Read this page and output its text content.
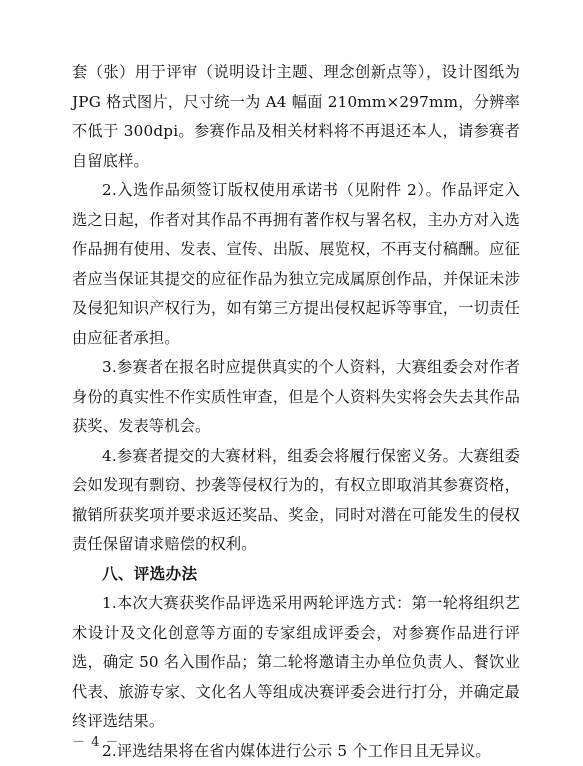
套（张）用于评审（说明设计主题、理念创新点等），设计图纸为 JPG 格式图片，尺寸统一为 A4 幅面 210mm×297mm，分辨率不低于 300dpi。参赛作品及相关材料将不再退还本人，请参赛者自留底样。

2.入选作品须签订版权使用承诺书（见附件 2）。作品评定入选之日起，作者对其作品不再拥有著作权与署名权，主办方对入选作品拥有使用、发表、宣传、出版、展览权，不再支付稿酬。应征者应当保证其提交的应征作品为独立完成属原创作品，并保证未涉及侵犯知识产权行为，如有第三方提出侵权起诉等事宜，一切责任由应征者承担。

3.参赛者在报名时应提供真实的个人资料，大赛组委会对作者身份的真实性不作实质性审查，但是个人资料失实将会失去其作品获奖、发表等机会。

4.参赛者提交的大赛材料，组委会将履行保密义务。大赛组委会如发现有剽窃、抄袭等侵权行为的，有权立即取消其参赛资格，撤销所获奖项并要求返还奖品、奖金，同时对潜在可能发生的侵权责任保留请求赔偿的权利。

八、评选办法

1.本次大赛获奖作品评选采用两轮评选方式：第一轮将组织艺术设计及文化创意等方面的专家组成评委会，对参赛作品进行评选，确定 50 名入围作品；第二轮将邀请主办单位负责人、餐饮业代表、旅游专家、文化名人等组成决赛评委会进行打分，并确定最终评选结果。

2.评选结果将在省内媒体进行公示 5 个工作日且无异议。

－ 4 －
